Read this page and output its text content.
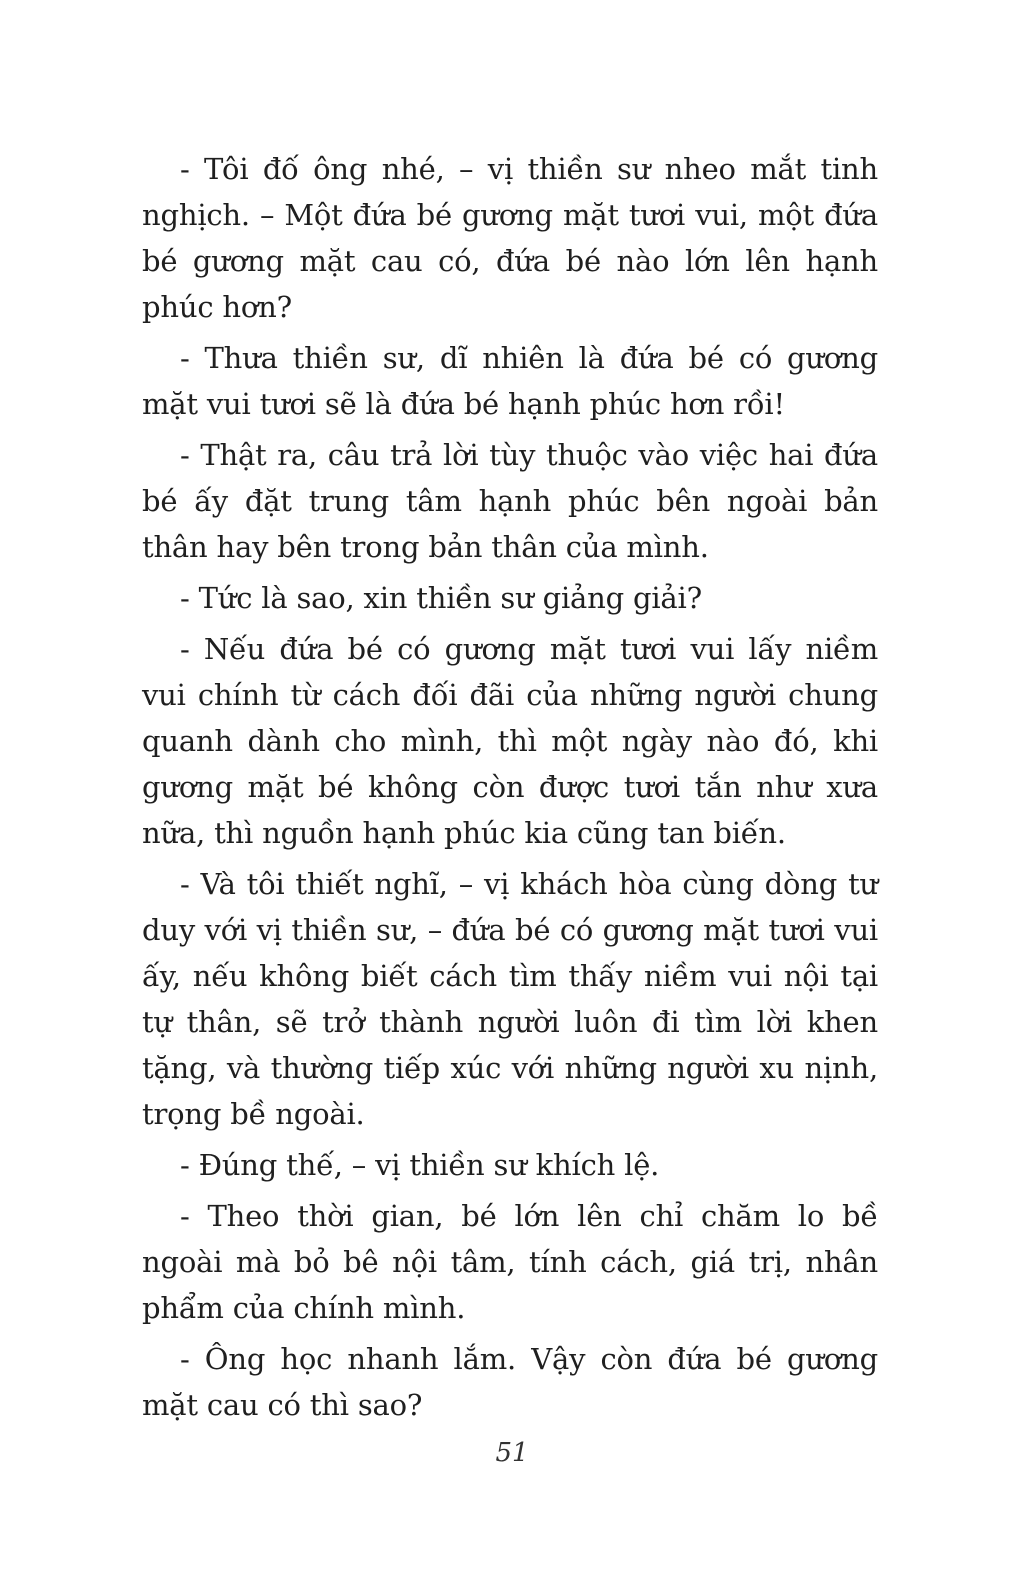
- Tôi đố ông nhé, – vị thiền sư nheo mắt tinh nghịch. – Một đứa bé gương mặt tươi vui, một đứa bé gương mặt cau có, đứa bé nào lớn lên hạnh phúc hơn?

- Thưa thiền sư, dĩ nhiên là đứa bé có gương mặt vui tươi sẽ là đứa bé hạnh phúc hơn rồi!

- Thật ra, câu trả lời tùy thuộc vào việc hai đứa bé ấy đặt trung tâm hạnh phúc bên ngoài bản thân hay bên trong bản thân của mình.

- Tức là sao, xin thiền sư giảng giải?

- Nếu đứa bé có gương mặt tươi vui lấy niềm vui chính từ cách đối đãi của những người chung quanh dành cho mình, thì một ngày nào đó, khi gương mặt bé không còn được tươi tắn như xưa nữa, thì nguồn hạnh phúc kia cũng tan biến.

- Và tôi thiết nghĩ, – vị khách hòa cùng dòng tư duy với vị thiền sư, – đứa bé có gương mặt tươi vui ấy, nếu không biết cách tìm thấy niềm vui nội tại tự thân, sẽ trở thành người luôn đi tìm lời khen tặng, và thường tiếp xúc với những người xu nịnh, trọng bề ngoài.

- Đúng thế, – vị thiền sư khích lệ.

- Theo thời gian, bé lớn lên chỉ chăm lo bề ngoài mà bỏ bê nội tâm, tính cách, giá trị, nhân phẩm của chính mình.

- Ông học nhanh lắm. Vậy còn đứa bé gương mặt cau có thì sao?

51
